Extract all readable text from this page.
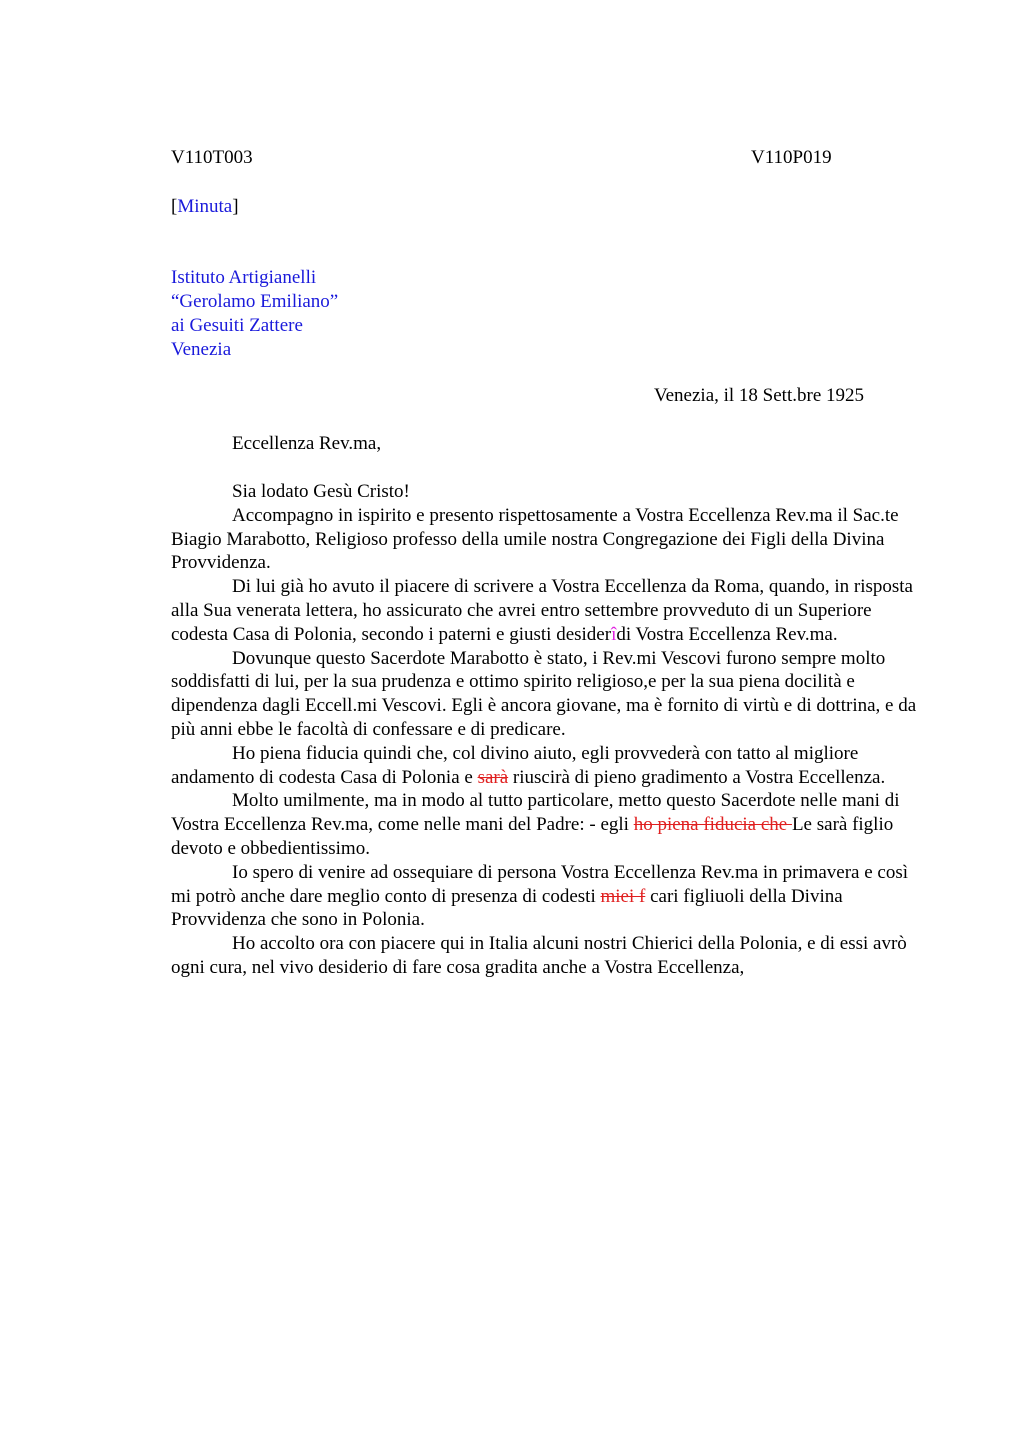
V110T003	V110P019
[Minuta]
Istituto Artigianelli
“Gerolamo Emiliano”
ai Gesuiti Zattere
Venezia
Venezia, il 18 Sett.bre 1925
Eccellenza Rev.ma,

Sia lodato Gesù Cristo!

Accompagno in ispirito e presento rispettosamente a Vostra Eccellenza Rev.ma il Sac.te Biagio Marabotto, Religioso professo della umile nostra Congregazione dei Figli della Divina Provvidenza.

Di lui già ho avuto il piacere di scrivere a Vostra Eccellenza da Roma, quando, in risposta alla Sua venerata lettera, ho assicurato che avrei entro settembre provveduto di un Superiore codesta Casa di Polonia, secondo i paterni e giusti desiderîdi Vostra Eccellenza Rev.ma.

Dovunque questo Sacerdote Marabotto è stato, i Rev.mi Vescovi furono sempre molto soddisfatti di lui, per la sua prudenza e ottimo spirito religioso,e per la sua piena docilità e dipendenza dagli Eccell.mi Vescovi. Egli è ancora giovane, ma è fornito di virtù e di dottrina, e da più anni ebbe le facoltà di confessare e di predicare.

Ho piena fiducia quindi che, col divino aiuto, egli provvederà con tatto al migliore andamento di codesta Casa di Polonia e sarà riuscirà di pieno gradimento a Vostra Eccellenza.

Molto umilmente, ma in modo al tutto particolare, metto questo Sacerdote nelle mani di Vostra Eccellenza Rev.ma, come nelle mani del Padre: - egli ho piena fiducia che Le sarà figlio devoto e obbedientissimo.

Io spero di venire ad ossequiare di persona Vostra Eccellenza Rev.ma in primavera e così mi potrò anche dare meglio conto di presenza di codesti miei f cari figliuoli della Divina Provvidenza che sono in Polonia.

Ho accolto ora con piacere qui in Italia alcuni nostri Chierici della Polonia, e di essi avrò ogni cura, nel vivo desiderio di fare cosa gradita anche a Vostra Eccellenza,
